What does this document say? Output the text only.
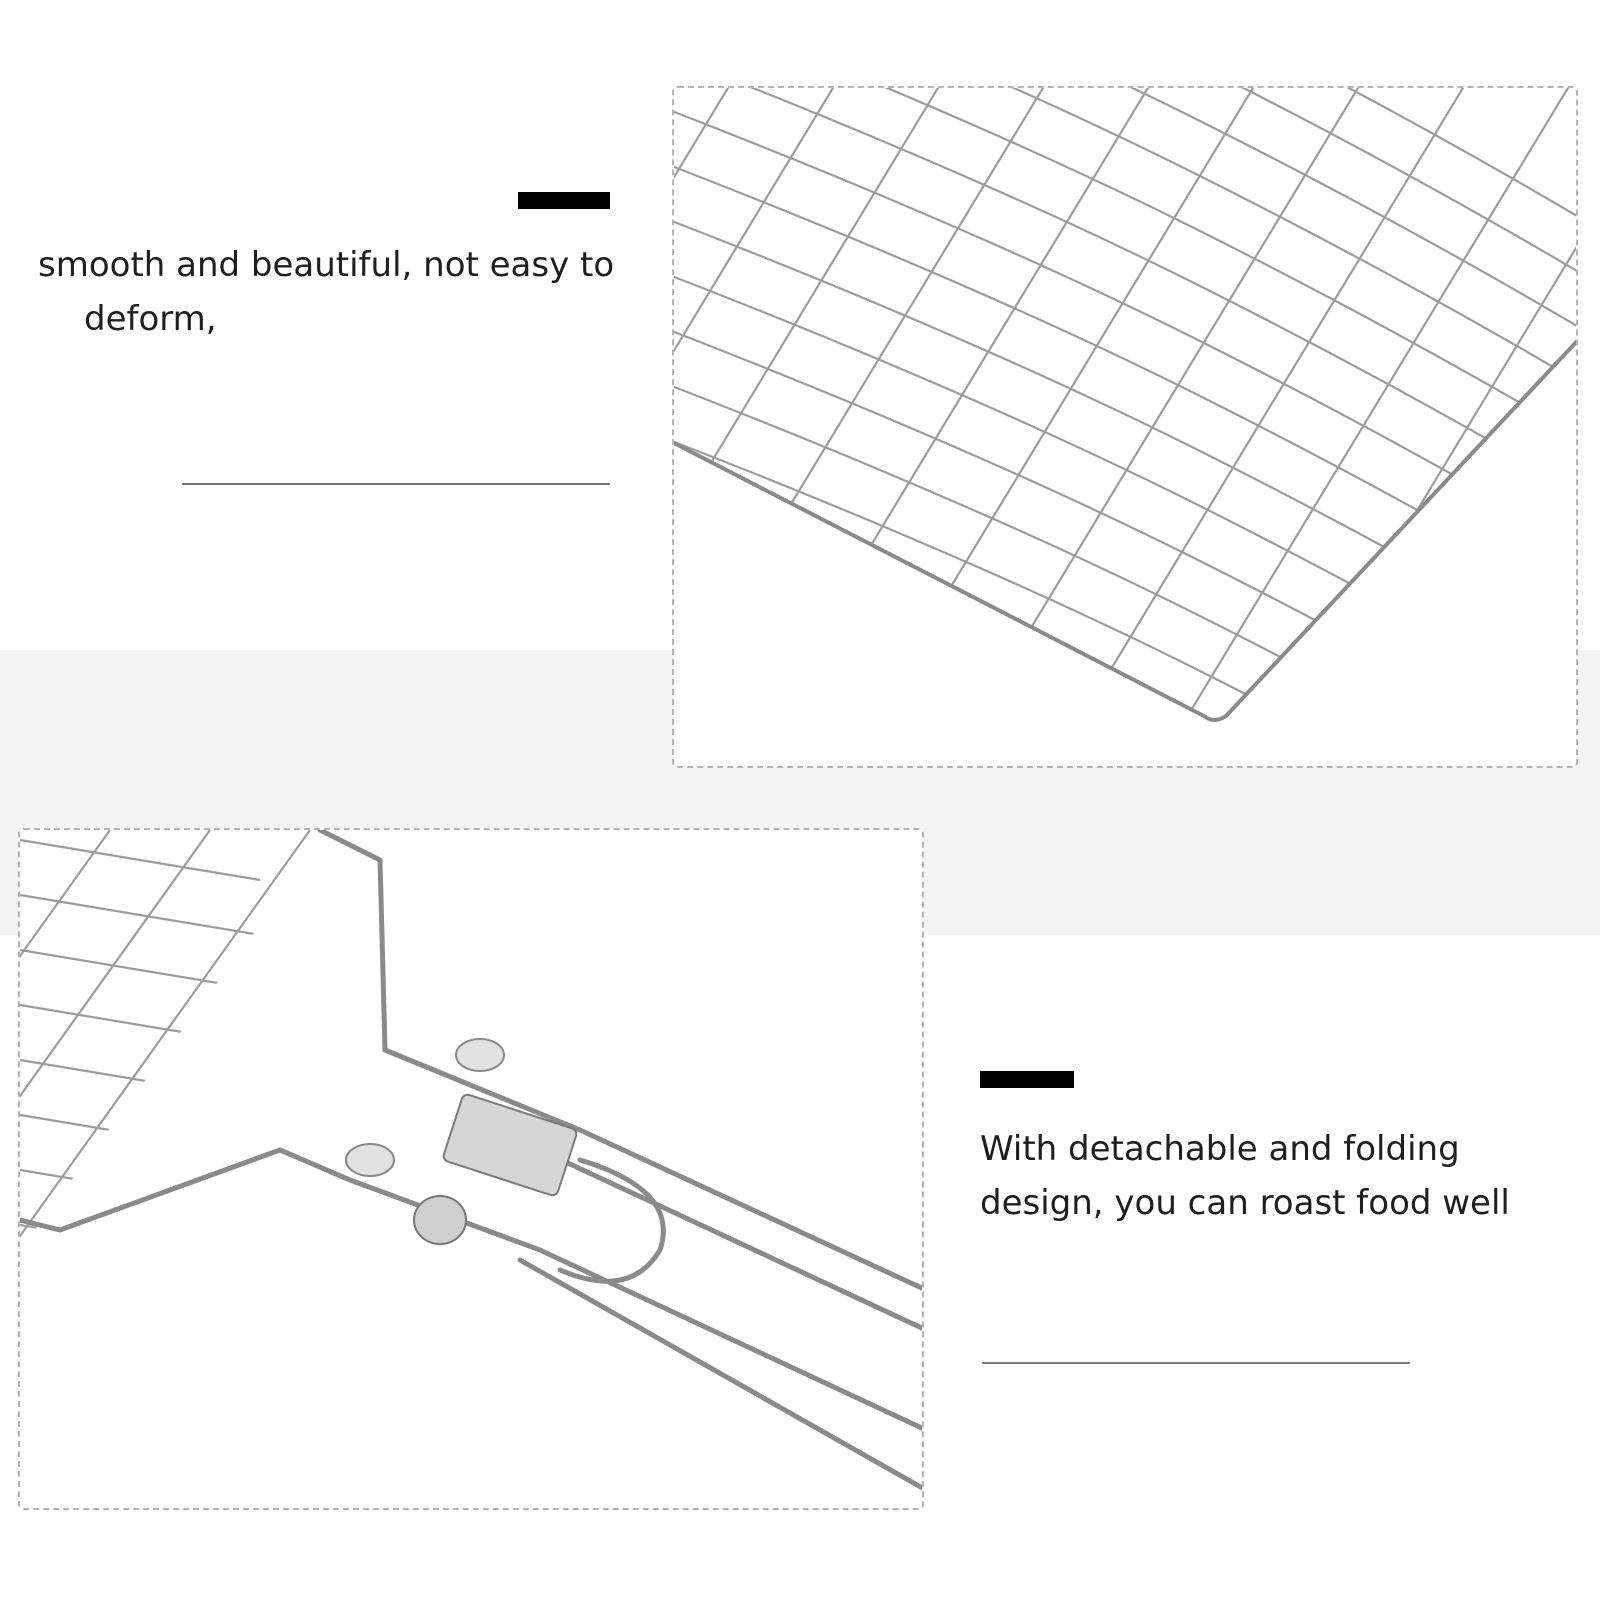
smooth and beautiful, not easy to
deform,

With detachable and folding
design, you can roast food well
